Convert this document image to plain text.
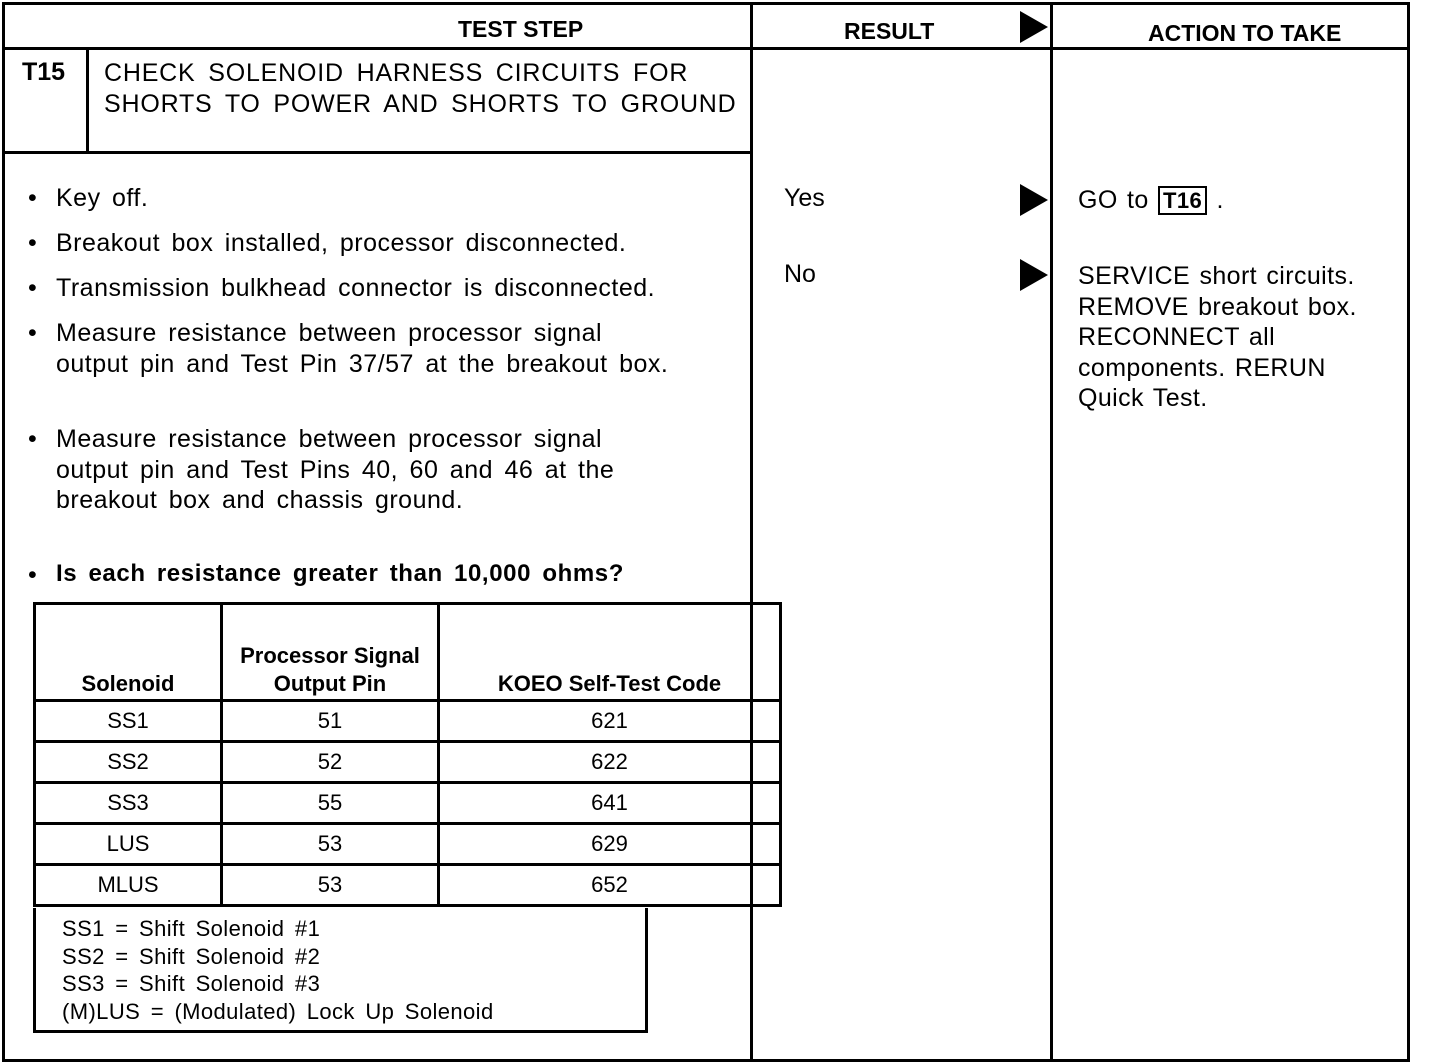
TEST STEP	RESULT	ACTION TO TAKE
T15 CHECK SOLENOID HARNESS CIRCUITS FOR SHORTS TO POWER AND SHORTS TO GROUND
• Key off.
• Breakout box installed, processor disconnected.
• Transmission bulkhead connector is disconnected.
• Measure resistance between processor signal output pin and Test Pin 37/57 at the breakout box.
• Measure resistance between processor signal output pin and Test Pins 40, 60 and 46 at the breakout box and chassis ground.
• Is each resistance greater than 10,000 ohms?
Solenoid	Processor Signal Output Pin	KOEO Self-Test Code
SS1	51	621
SS2	52	622
SS3	55	641
LUS	53	629
MLUS	53	652
SS1 = Shift Solenoid #1
SS2 = Shift Solenoid #2
SS3 = Shift Solenoid #3
(M)LUS = (Modulated) Lock Up Solenoid
Yes	GO to T16 .
No	SERVICE short circuits. REMOVE breakout box. RECONNECT all components. RERUN Quick Test.
